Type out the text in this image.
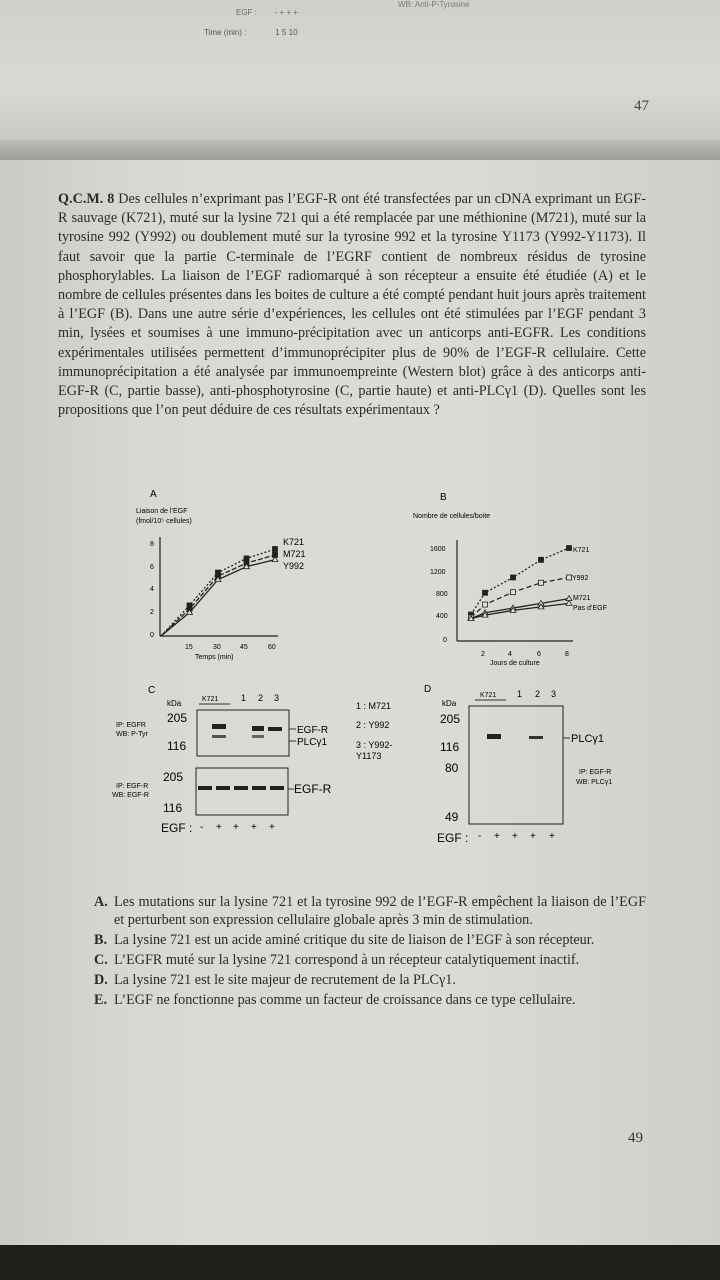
EGF : - + + +
Time (min) :	1 5 10
WB: Anti-P-Tyrosine
47
Q.C.M. 8 Des cellules n’exprimant pas l’EGF-R ont été transfectées par un cDNA exprimant un EGF-R sauvage (K721), muté sur la lysine 721 qui a été remplacée par une méthionine (M721), muté sur la tyrosine 992 (Y992) ou doublement muté sur la tyrosine 992 et la tyrosine Y1173 (Y992-Y1173). Il faut savoir que la partie C-terminale de l’EGRF contient de nombreux résidus de tyrosine phosphorylables. La liaison de l’EGF radiomarqué à son récepteur a ensuite été étudiée (A) et le nombre de cellules présentes dans les boites de culture a été compté pendant huit jours après traitement à l’EGF (B). Dans une autre série d’expériences, les cellules ont été stimulées par l’EGF pendant 3 min, lysées et soumises à une immuno-précipitation avec un anticorps anti-EGFR. Les conditions expérimentales utilisées permettent d’immunoprécipiter plus de 90% de l’EGF-R cellulaire. Cette immunoprécipitation a été analysée par immunoempreinte (Western blot) grâce à des anticorps anti-EGF-R (C, partie basse), anti-phosphotyrosine (C, partie haute) et anti-PLCγ1 (D). Quelles sont les propositions que l’on peut déduire de ces résultats expérimentaux ?
A
Liaison de l’EGF
(fmol/10⁵ cellules)
8
6
4
2
0
15	30	45	60
Temps (min)
K721
M721
Y992
B
Nombre de cellules/boite
1600
1200
800
400
0
2	4	6	8
Jours de culture
K721
Y992
M721
Pas d’EGF
C
kDa	K721	1 2 3
205
116
IP: EGFR
WB: P-Tyr	EGF-R
PLCγ1
205
116
IP: EGF-R
WB: EGF-R	EGF-R
EGF : - + + + +
1 : M721
2 : Y992
3 : Y992-
Y1173
D
kDa
K721 1 2 3
205
116
80
49
PLCγ1
IP: EGF-R
WB: PLCγ1
EGF : - + + + +
A. Les mutations sur la lysine 721 et la tyrosine 992 de l’EGF-R empêchent la liaison de l’EGF et perturbent son expression cellulaire globale après 3 min de stimulation.
B. La lysine 721 est un acide aminé critique du site de liaison de l’EGF à son récepteur.
C. L’EGFR muté sur la lysine 721 correspond à un récepteur catalytiquement inactif.
D. La lysine 721 est le site majeur de recrutement de la PLCγ1.
E. L’EGF ne fonctionne pas comme un facteur de croissance dans ce type cellulaire.
49
